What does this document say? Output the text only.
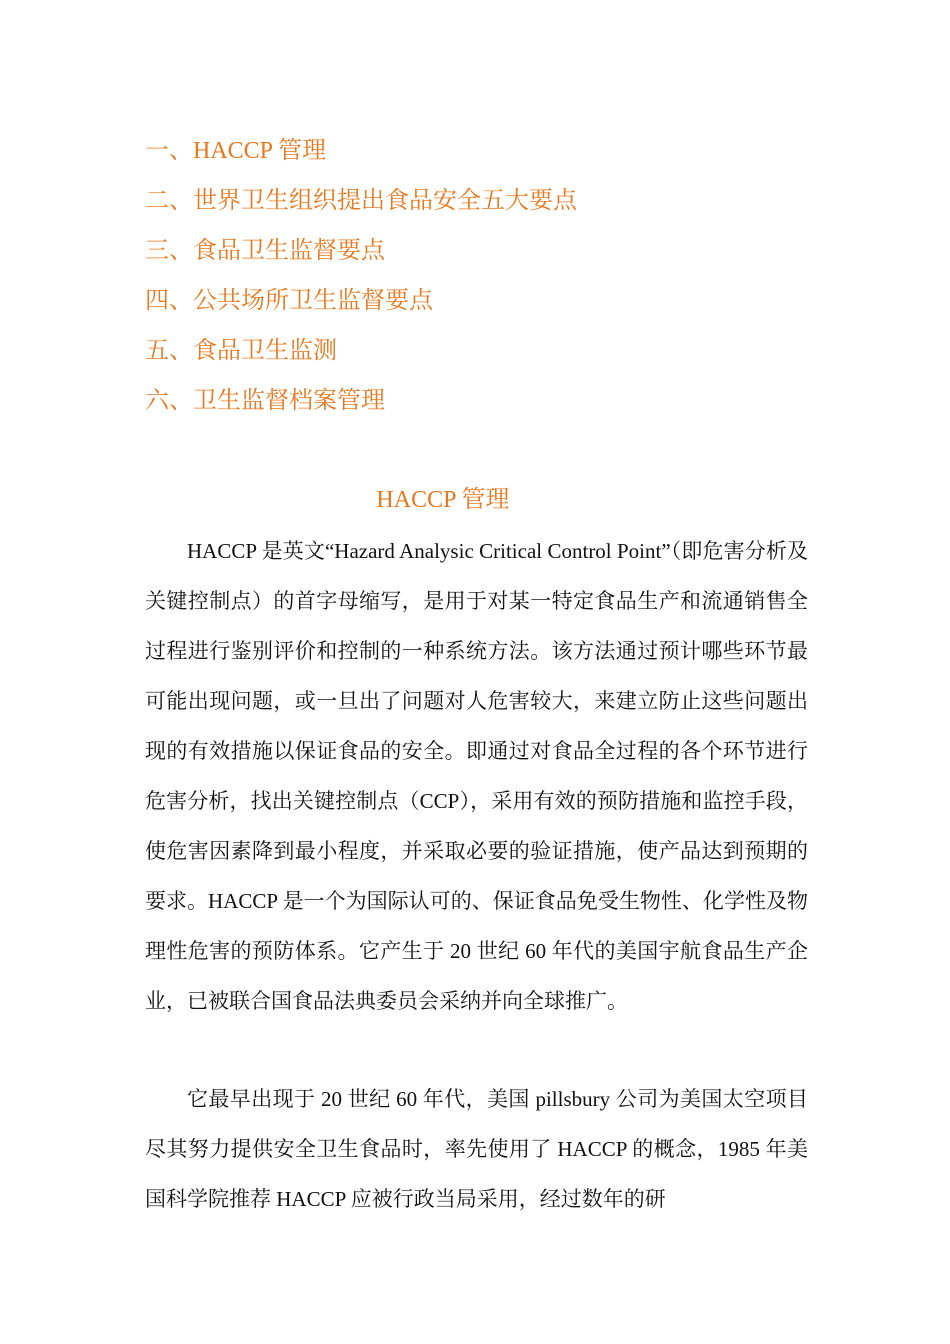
一、HACCP 管理
二、世界卫生组织提出食品安全五大要点
三、食品卫生监督要点
四、公共场所卫生监督要点
五、食品卫生监测
六、卫生监督档案管理
HACCP 管理

HACCP 是英文“Hazard Analysic Critical Control Point”（即危害分析及关键控制点）的首字母缩写，是用于对某一特定食品生产和流通销售全过程进行鉴别评价和控制的一种系统方法。该方法通过预计哪些环节最可能出现问题，或一旦出了问题对人危害较大，来建立防止这些问题出现的有效措施以保证食品的安全。即通过对食品全过程的各个环节进行危害分析，找出关键控制点（CCP），采用有效的预防措施和监控手段，使危害因素降到最小程度，并采取必要的验证措施，使产品达到预期的要求。HACCP 是一个为国际认可的、保证食品免受生物性、化学性及物理性危害的预防体系。它产生于 20 世纪 60 年代的美国宇航食品生产企业，已被联合国食品法典委员会采纳并向全球推广。

它最早出现于 20 世纪 60 年代，美国 pillsbury 公司为美国太空项目尽其努力提供安全卫生食品时，率先使用了 HACCP 的概念，1985 年美国科学院推荐 HACCP 应被行政当局采用，经过数年的研
